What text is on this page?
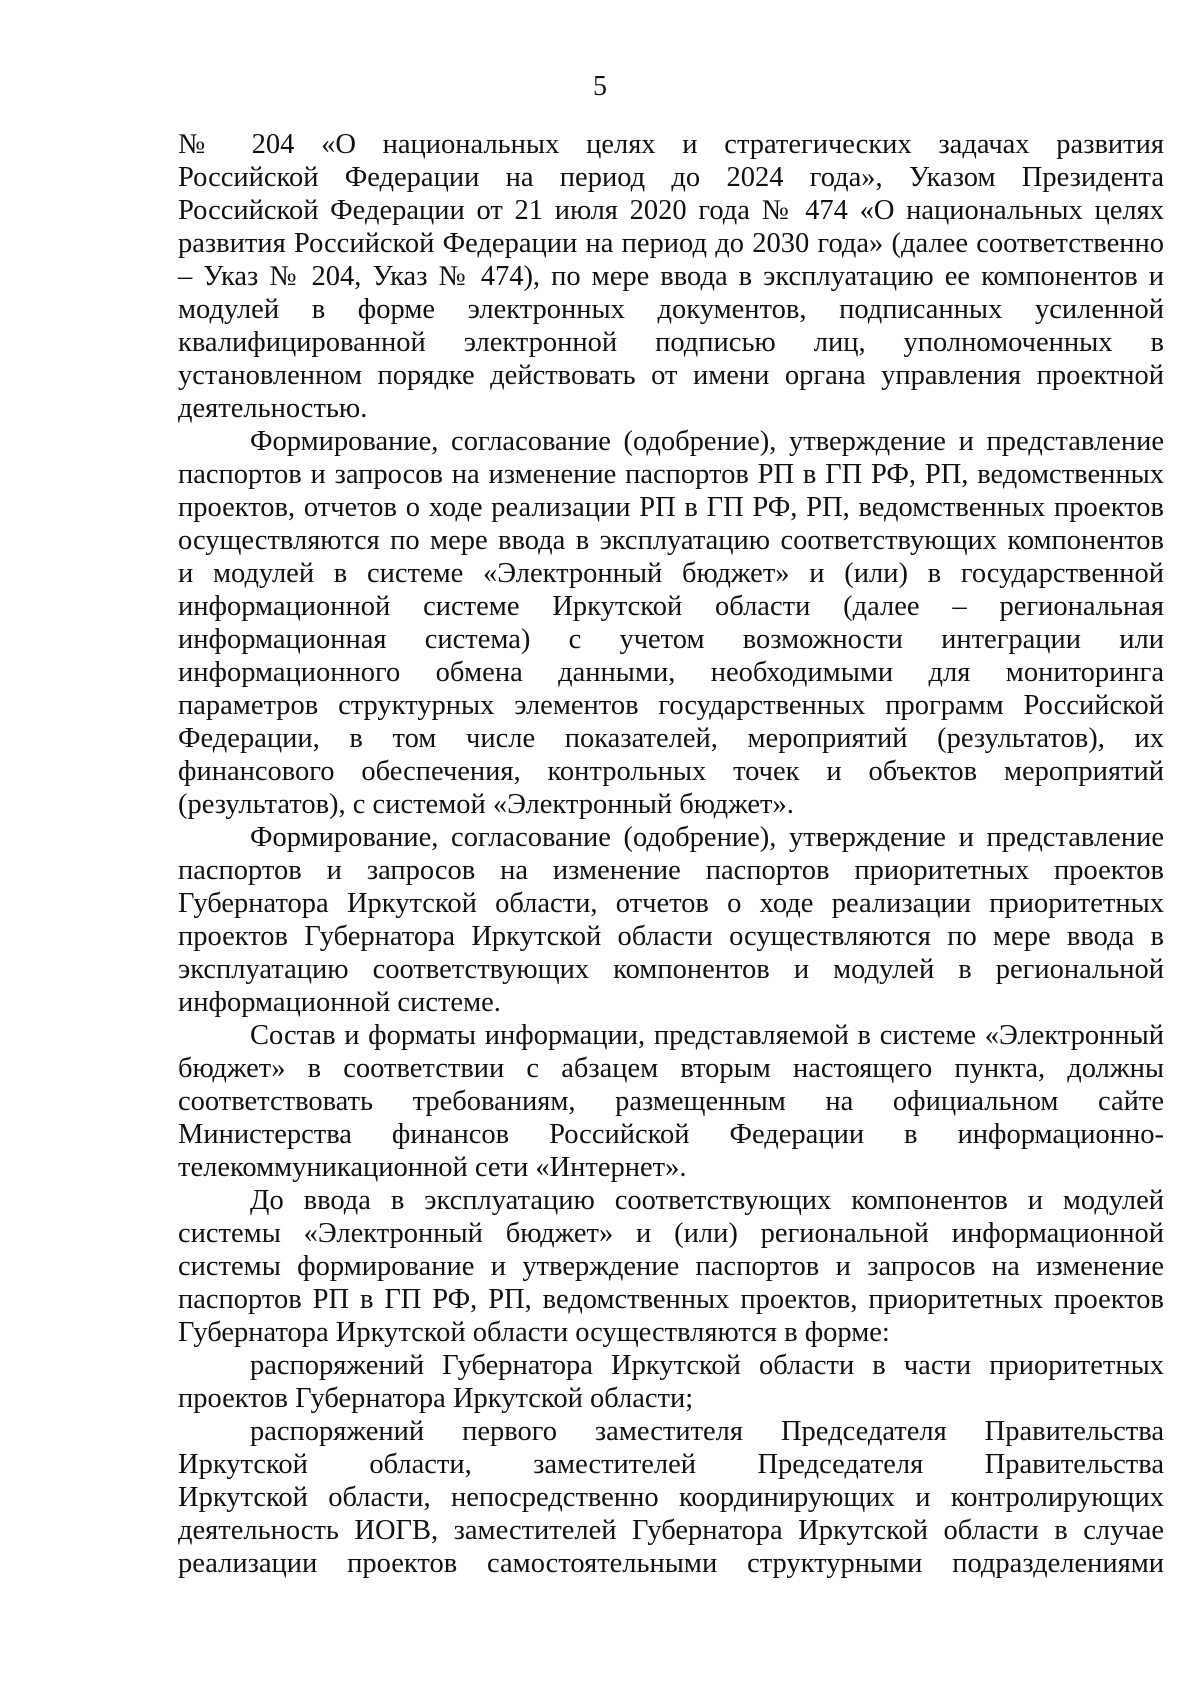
5
№ 204 «О национальных целях и стратегических задачах развития
Российской Федерации на период до 2024 года», Указом Президента
Российской Федерации от 21 июля 2020 года № 474 «О национальных целях
развития Российской Федерации на период до 2030 года» (далее соответственно
– Указ № 204, Указ № 474), по мере ввода в эксплуатацию ее компонентов и
модулей в форме электронных документов, подписанных усиленной
квалифицированной электронной подписью лиц, уполномоченных в
установленном порядке действовать от имени органа управления проектной
деятельностью.
Формирование, согласование (одобрение), утверждение и представление
паспортов и запросов на изменение паспортов РП в ГП РФ, РП, ведомственных
проектов, отчетов о ходе реализации РП в ГП РФ, РП, ведомственных проектов
осуществляются по мере ввода в эксплуатацию соответствующих компонентов
и модулей в системе «Электронный бюджет» и (или) в государственной
информационной системе Иркутской области (далее – региональная
информационная система) с учетом возможности интеграции или
информационного обмена данными, необходимыми для мониторинга
параметров структурных элементов государственных программ Российской
Федерации, в том числе показателей, мероприятий (результатов), их
финансового обеспечения, контрольных точек и объектов мероприятий
(результатов), с системой «Электронный бюджет».
Формирование, согласование (одобрение), утверждение и представление
паспортов и запросов на изменение паспортов приоритетных проектов
Губернатора Иркутской области, отчетов о ходе реализации приоритетных
проектов Губернатора Иркутской области осуществляются по мере ввода в
эксплуатацию соответствующих компонентов и модулей в региональной
информационной системе.
Состав и форматы информации, представляемой в системе «Электронный
бюджет» в соответствии с абзацем вторым настоящего пункта, должны
соответствовать требованиям, размещенным на официальном сайте
Министерства финансов Российской Федерации в информационно-
телекоммуникационной сети «Интернет».
До ввода в эксплуатацию соответствующих компонентов и модулей
системы «Электронный бюджет» и (или) региональной информационной
системы формирование и утверждение паспортов и запросов на изменение
паспортов РП в ГП РФ, РП, ведомственных проектов, приоритетных проектов
Губернатора Иркутской области осуществляются в форме:
распоряжений Губернатора Иркутской области в части приоритетных
проектов Губернатора Иркутской области;
распоряжений первого заместителя Председателя Правительства
Иркутской области, заместителей Председателя Правительства
Иркутской области, непосредственно координирующих и контролирующих
деятельность ИОГВ, заместителей Губернатора Иркутской области в случае
реализации проектов самостоятельными структурными подразделениями
